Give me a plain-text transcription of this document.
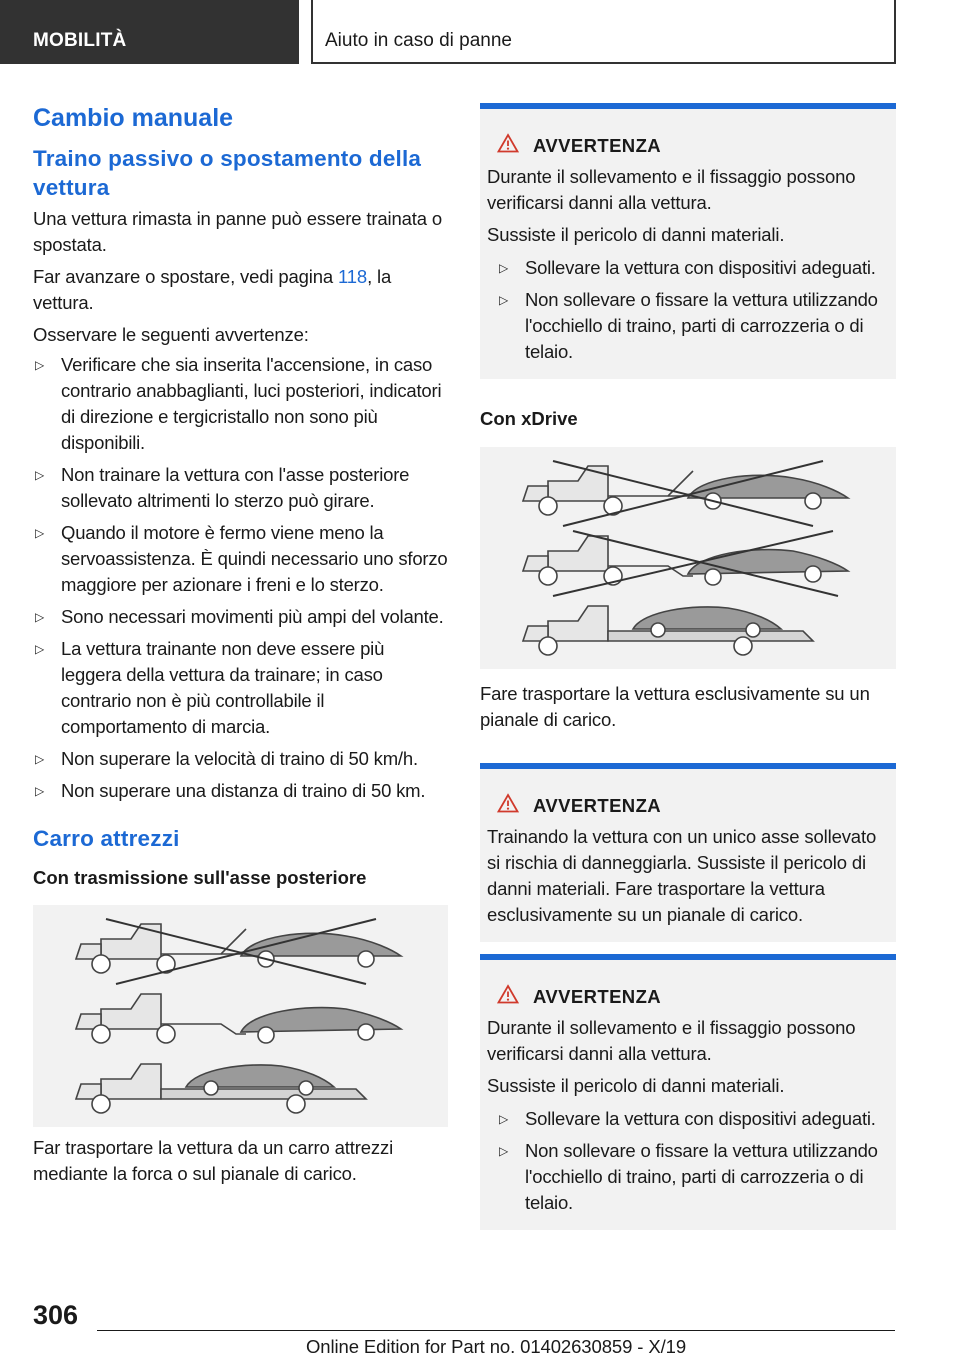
MOBILITÀ	Aiuto in caso di panne
Cambio manuale
Traino passivo o spostamento della vettura

Una vettura rimasta in panne può essere trainata o spostata.

Far avanzare o spostare, vedi pagina 118, la vettura.

Osservare le seguenti avvertenze:

▷ Verificare che sia inserita l'accensione, in caso contrario anabbaglianti, luci posteriori, indicatori di direzione e tergicristallo non sono più disponibili.
▷ Non trainare la vettura con l'asse posteriore sollevato altrimenti lo sterzo può girare.
▷ Quando il motore è fermo viene meno la servoassistenza. È quindi necessario uno sforzo maggiore per azionare i freni e lo sterzo.
▷ Sono necessari movimenti più ampi del volante.
▷ La vettura trainante non deve essere più leggera della vettura da trainare; in caso contrario non è più controllabile il comportamento di marcia.
▷ Non superare la velocità di traino di 50 km/h.
▷ Non superare una distanza di traino di 50 km.
Carro attrezzi
Con trasmissione sull'asse posteriore

Far trasportare la vettura da un carro attrezzi mediante la forca o sul pianale di carico.

AVVERTENZA

Durante il sollevamento e il fissaggio possono verificarsi danni alla vettura.

Sussiste il pericolo di danni materiali.

▷ Sollevare la vettura con dispositivi adeguati.
▷ Non sollevare o fissare la vettura utilizzando l'occhiello di traino, parti di carrozzeria o di telaio.
Con xDrive

Fare trasportare la vettura esclusivamente su un pianale di carico.

AVVERTENZA

Trainando la vettura con un unico asse sollevato si rischia di danneggiarla. Sussiste il pericolo di danni materiali. Fare trasportare la vettura esclusivamente su un pianale di carico.

AVVERTENZA

Durante il sollevamento e il fissaggio possono verificarsi danni alla vettura.

Sussiste il pericolo di danni materiali.

▷ Sollevare la vettura con dispositivi adeguati.
▷ Non sollevare o fissare la vettura utilizzando l'occhiello di traino, parti di carrozzeria o di telaio.
306
Online Edition for Part no. 01402630859 - X/19
